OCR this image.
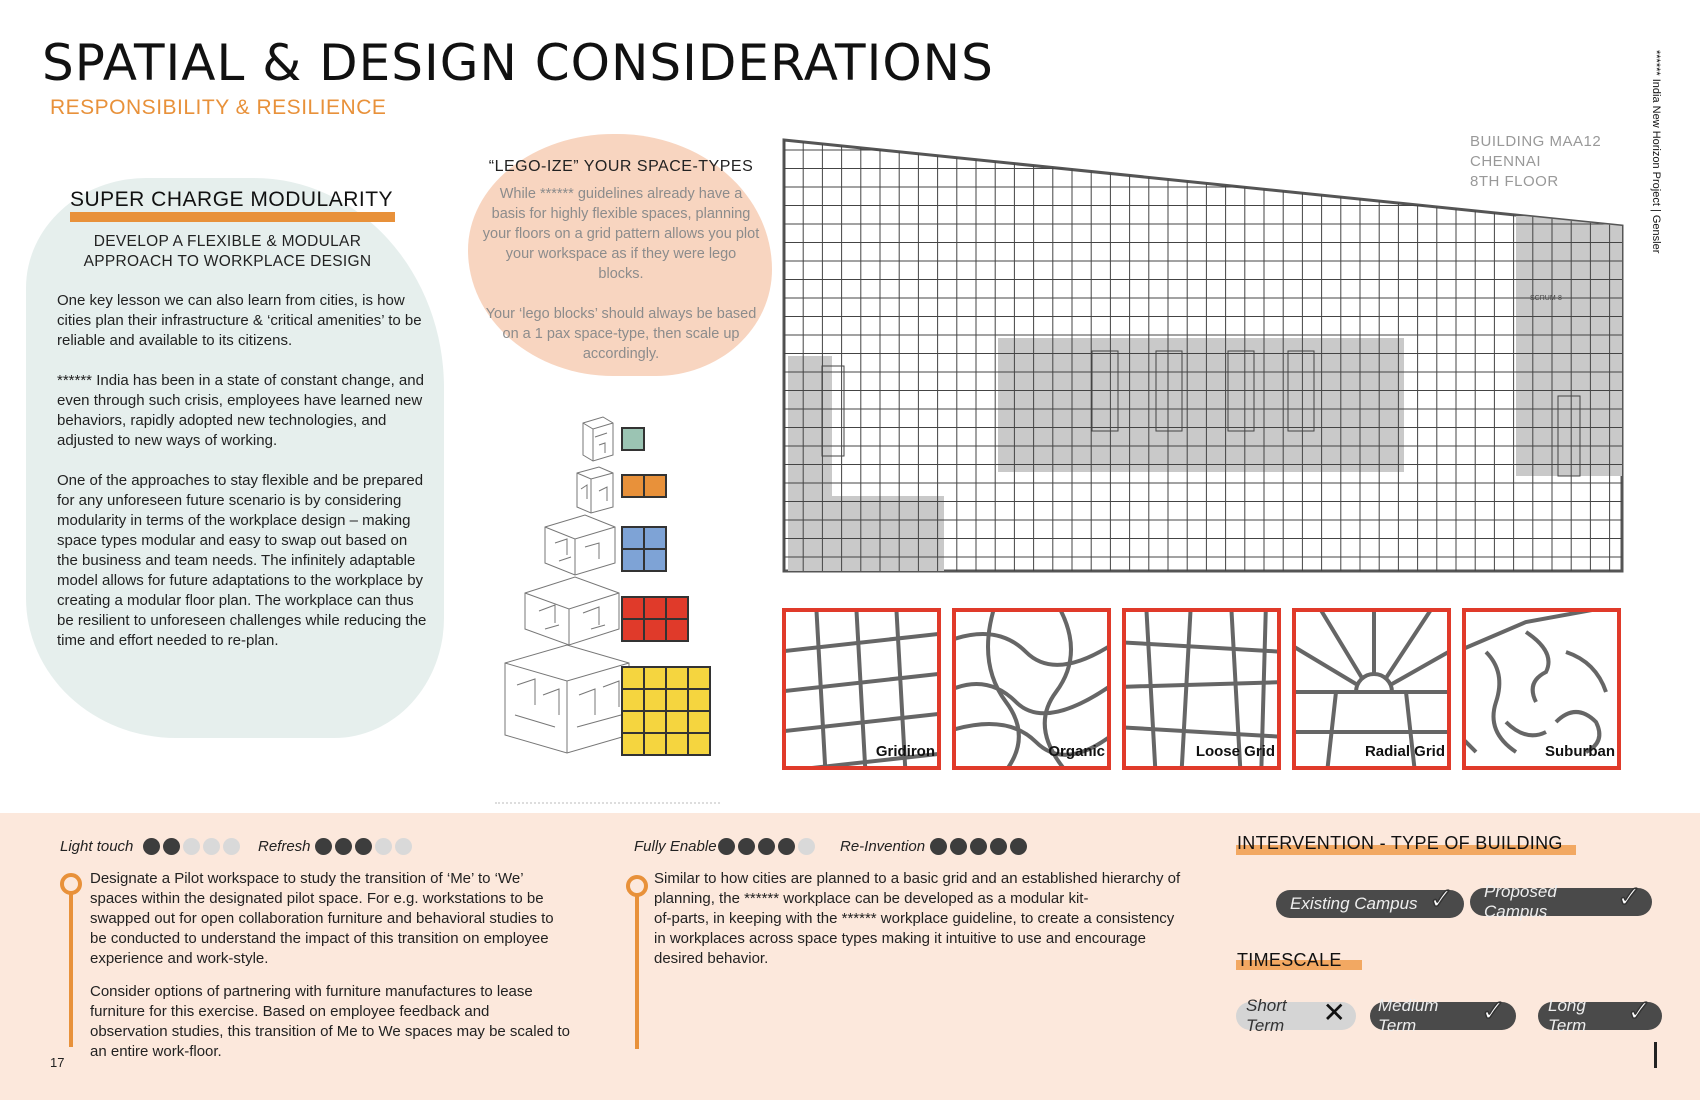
SPATIAL & DESIGN CONSIDERATIONS
RESPONSIBILITY & RESILIENCE	****** India New Horizon Project | Gensler
SUPER CHARGE MODULARITY
DEVELOP A FLEXIBLE & MODULAR
APPROACH TO WORKPLACE DESIGN
One key lesson we can also learn from cities, is how cities plan their infrastructure & ‘critical amenities’ to be reliable and available to its citizens.

****** India has been in a state of constant change, and even through such crisis, employees have learned new behaviors, rapidly adopted new technologies, and adjusted to new ways of working.

One of the approaches to stay flexible and be prepared for any unforeseen future scenario is by considering modularity in terms of the workplace design – making space types modular and easy to swap out based on the business and team needs. The infinitely adaptable model allows for future adaptations to the workplace by creating a modular floor plan. The workplace can thus be resilient to unforeseen challenges while reducing the time and effort needed to re-plan.
“LEGO-IZE” YOUR SPACE-TYPES
While ****** guidelines already have a basis for highly flexible spaces, planning your floors on a grid pattern allows you plot your workspace as if they were lego blocks.

Your ‘lego blocks’ should always be based on a 1 pax space-type, then scale up accordingly.
SCRUM-8
BUILDING MAA12
CHENNAI
8TH FLOOR
Gridiron	Organic	Loose Grid	Radial Grid	Suburban
Light touch	Refresh	Fully Enable	Re-Invention
Designate a Pilot workspace to study the transition of ‘Me’ to ‘We’ spaces within the designated pilot space. For e.g. workstations to be swapped out for open collaboration furniture and behavioral studies to be conducted to understand the impact of this transition on employee experience and work-style.
Consider options of partnering with furniture manufactures to lease furniture for this exercise. Based on employee feedback and observation studies, this transition of Me to We spaces may be scaled to an entire work-floor.
Similar to how cities are planned to a basic grid and an established hierarchy of planning, the ****** workplace can be developed as a modular kit-
of-parts, in keeping with the ****** workplace guideline, to create a consistency in workplaces across space types making it intuitive to use and encourage desired behavior.
INTERVENTION - TYPE OF BUILDING
Existing Campus ✓ Proposed Campus	✓
TIMESCALE
Short Term	✕ Medium Term	✓ Long Term	✓
17
